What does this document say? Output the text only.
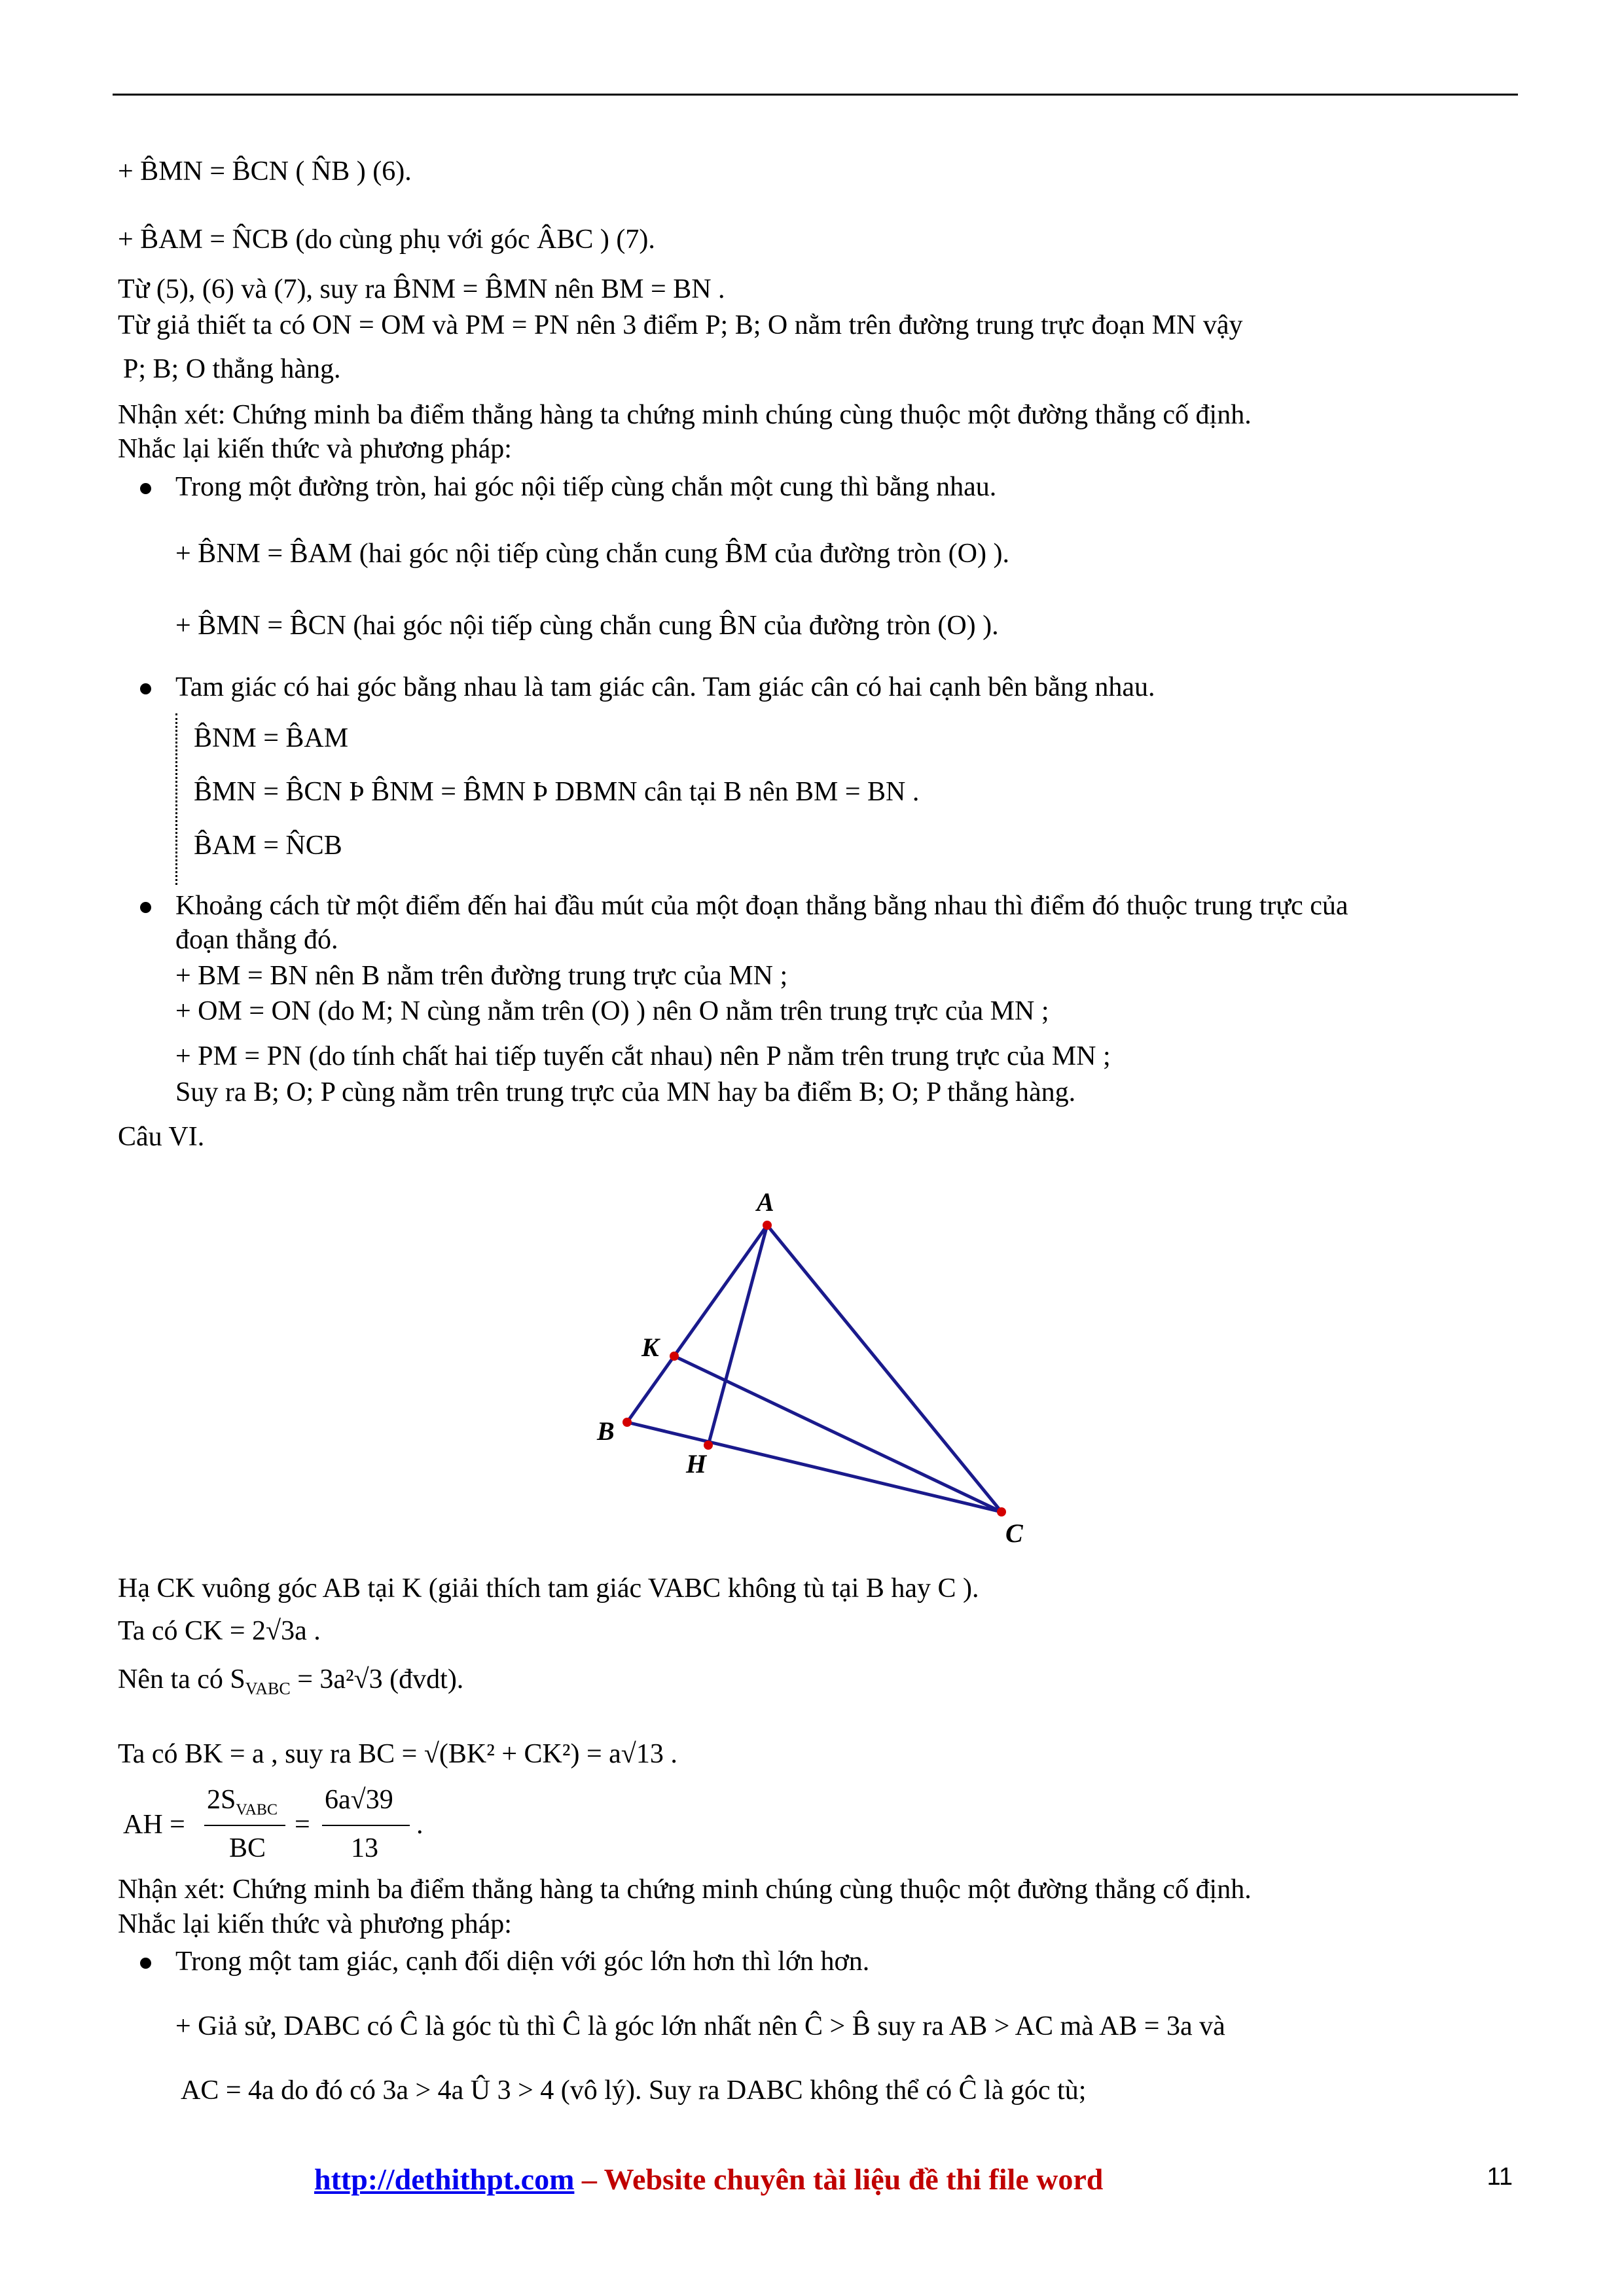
+ B̂MN = B̂CN ( N̂B ) (6).
+ B̂AM = N̂CB (do cùng phụ với góc ÂBC ) (7).
Từ (5), (6) và (7), suy ra B̂NM = B̂MN nên BM = BN .
Từ giả thiết ta có ON = OM và PM = PN nên 3 điểm P; B; O nằm trên đường trung trực đoạn MN vậy
P; B; O thẳng hàng.
Nhận xét: Chứng minh ba điểm thẳng hàng ta chứng minh chúng cùng thuộc một đường thẳng cố định.
Nhắc lại kiến thức và phương pháp:
Trong một đường tròn, hai góc nội tiếp cùng chắn một cung thì bằng nhau.
+ B̂NM = B̂AM (hai góc nội tiếp cùng chắn cung B̂M của đường tròn (O) ).
+ B̂MN = B̂CN (hai góc nội tiếp cùng chắn cung B̂N của đường tròn (O) ).
Tam giác có hai góc bằng nhau là tam giác cân. Tam giác cân có hai cạnh bên bằng nhau.
B̂NM = B̂AM
B̂MN = B̂CN Þ B̂NM = B̂MN Þ DBMN cân tại B nên BM = BN .
B̂AM = N̂CB
Khoảng cách từ một điểm đến hai đầu mút của một đoạn thẳng bằng nhau thì điểm đó thuộc trung trực của
đoạn thẳng đó.
+ BM = BN nên B nằm trên đường trung trực của MN ;
+ OM = ON (do M; N cùng nằm trên (O) ) nên O nằm trên trung trực của MN ;
+ PM = PN (do tính chất hai tiếp tuyến cắt nhau) nên P nằm trên trung trực của MN ;
Suy ra B; O; P cùng nằm trên trung trực của MN hay ba điểm B; O; P thẳng hàng.
Câu VI.
A
B
C
H
K
Hạ CK vuông góc AB tại K (giải thích tam giác VABC không tù tại B hay C ).
Ta có CK = 2√3a .
Nên ta có $S_{VABC} = 3a^2√3$ (đvdt).
Ta có BK = a , suy ra BC = √(BK² + CK²) = a√13 .
AH =
$2S_{VABC}$
BC
=
6a√39
13
.
Nhận xét: Chứng minh ba điểm thẳng hàng ta chứng minh chúng cùng thuộc một đường thẳng cố định.
Nhắc lại kiến thức và phương pháp:
Trong một tam giác, cạnh đối diện với góc lớn hơn thì lớn hơn.
+ Giả sử, DABC có Ĉ là góc tù thì Ĉ là góc lớn nhất nên Ĉ > B̂ suy ra AB > AC mà AB = 3a và
AC = 4a do đó có 3a > 4a Û 3 > 4 (vô lý). Suy ra DABC không thể có Ĉ là góc tù;
http://dethithpt.com – Website chuyên tài liệu đề thi file word	11
